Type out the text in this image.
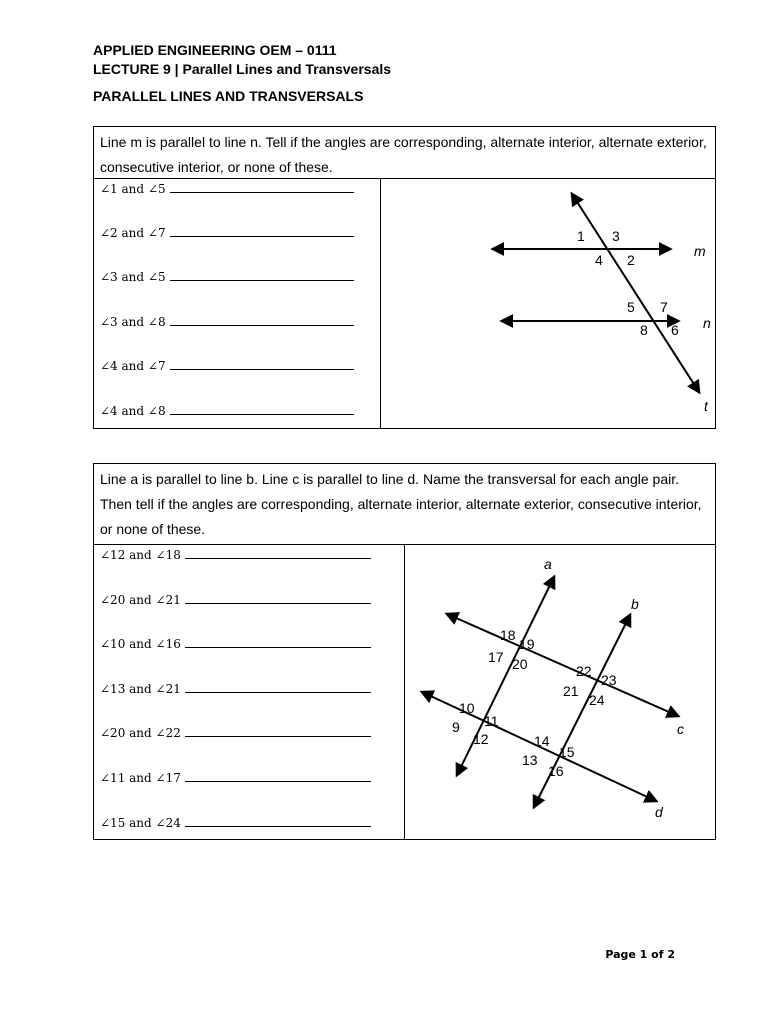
APPLIED ENGINEERING OEM – 0111
LECTURE 9 | Parallel Lines and Transversals
PARALLEL LINES AND TRANSVERSALS
Line m is parallel to line n. Tell if the angles are corresponding, alternate interior, alternate exterior, consecutive interior, or none of these.
∠1 and ∠5
∠2 and ∠7
∠3 and ∠5
∠3 and ∠8
∠4 and ∠7
∠4 and ∠8
m
n
t
1 3
4 2
5 7
8 6
Line a is parallel to line b. Line c is parallel to line d. Name the transversal for each angle pair. Then tell if the angles are corresponding, alternate interior, alternate exterior, consecutive interior, or none of these.
∠12 and ∠18
∠20 and ∠21
∠10 and ∠16
∠13 and ∠21
∠20 and ∠22
∠11 and ∠17
∠15 and ∠24
a
b
c
d
18
19
17 20	22
23
21
24
10
11
9
12	14
15
13
16
Page 1 of 2
